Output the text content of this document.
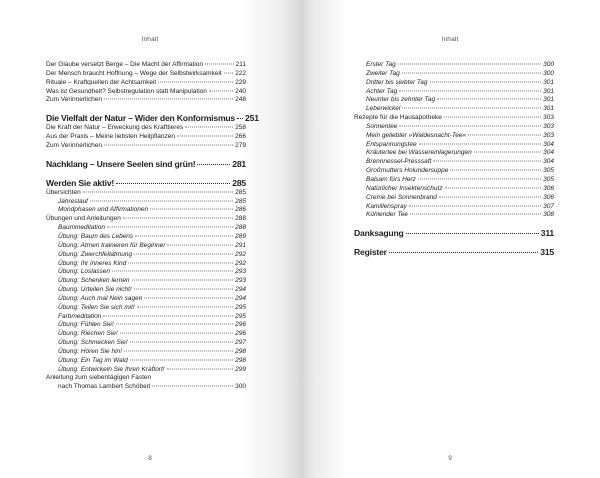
Inhalt
Der Glaube versetzt Berge – Die Macht der Affirmation	211
Der Mensch braucht Hoffnung – Wege der Selbstwirksamkeit 222
Rituale – Kraftquellen der Achtsamkeit	229
Was ist Gesundheit? Selbstregulation statt Manipulation	240
Zum Verinnerlichen	248
Die Vielfalt der Natur – Wider den Konformismus 251
Die Kraft der Natur – Erweckung des Krafttieres	258
Aus der Praxis – Meine liebsten Heilpflanzen	266
Zum Verinnerlichen	279
Nachklang – Unsere Seelen sind grün!	281
Werden Sie aktiv!	285
Übersichten	285
Jahreslauf	285
Mondphasen und Affirmationen	286
Übungen und Anleitungen	288
Baummeditation	288
Übung: Baum des Lebens	289
Übung: Atmen trainieren für Beginner	291
Übung: Zwerchfellatmung	292
Übung: Ihr inneres Kind	292
Übung: Loslassen	293
Übung: Schenken lernen	293
Übung: Urteilen Sie nicht!	294
Übung: Auch mal Nein sagen	294
Übung: Teilen Sie sich mit!	295
Farbmeditation	295
Übung: Fühlen Sie!	296
Übung: Riechen Sie!	296
Übung: Schmecken Sie!	297
Übung: Hören Sie hin!	298
Übung: Ein Tag im Wald	298
Übung: Entwickeln Sie Ihren Kraftort!	299
Anleitung zum siebentägigen Fasten
nach Thomas Lambert Schöberl	300
8
Inhalt
Erster Tag	300
Zweiter Tag	300
Dritter bis siebter Tag	301
Achter Tag	301
Neunter bis zehnter Tag	301
Leberwickel	301
Rezepte für die Hausapotheke	303
Sonnentee	303
Mein geliebter »Waldesnacht-Tee«	303
Entspannungstee	304
Kräutertee bei Wassereinlagerungen	304
Brennnessel-Presssaft	304
Großmutters Holundersuppe	305
Balsam fürs Herz	305
Natürlicher Insektenschutz	306
Creme bei Sonnenbrand	306
Kamillenspray	307
Kühlender Tee	308
Danksagung	311
Register	315
9
